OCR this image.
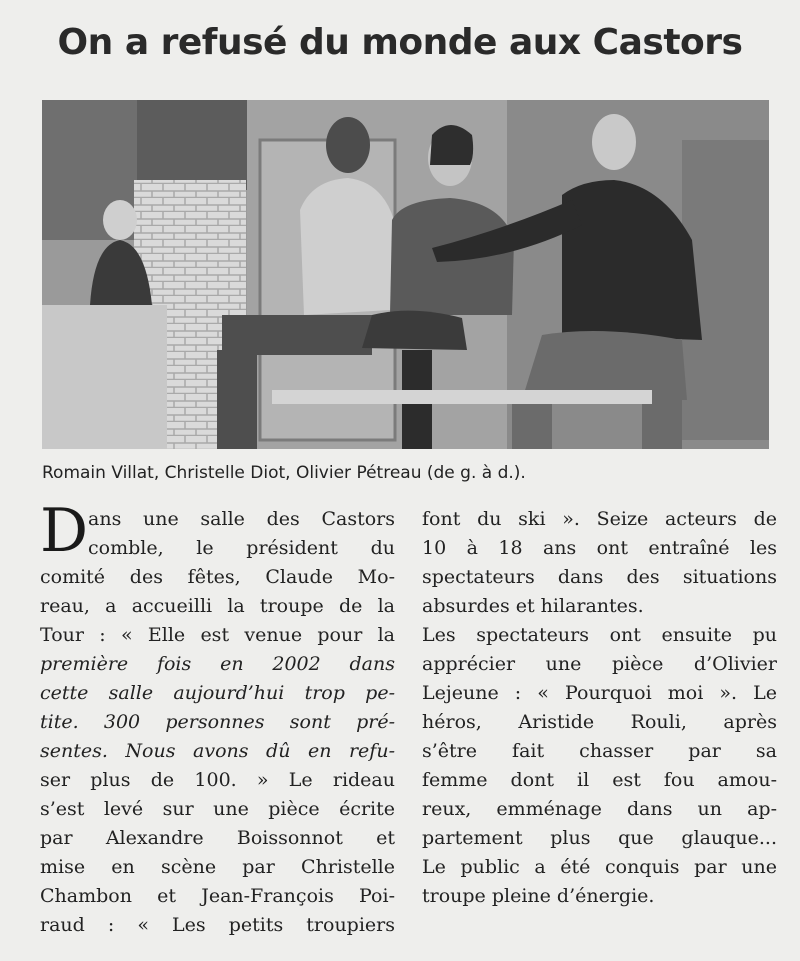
On a refusé du monde aux Castors
Romain Villat, Christelle Diot, Olivier Pétreau (de g. à d.).
D ans une salle des Castors
comble, le président du
comité des fêtes, Claude Mo-
reau, a accueilli la troupe de la
Tour : « Elle est venue pour la
première fois en 2002 dans
cette salle aujourd’hui trop pe-
tite. 300 personnes sont pré-
sentes. Nous avons dû en refu-
ser plus de 100. » Le rideau
s’est levé sur une pièce écrite
par Alexandre Boissonnot et
mise en scène par Christelle
Chambon et Jean-François Poi-
raud : « Les petits troupiers
font du ski ». Seize acteurs de
10 à 18 ans ont entraîné les
spectateurs dans des situations
absurdes et hilarantes.
Les spectateurs ont ensuite pu
apprécier une pièce d’Olivier
Lejeune : « Pourquoi moi ». Le
héros, Aristide Rouli, après
s’être fait chasser par sa
femme dont il est fou amou-
reux, emménage dans un ap-
partement plus que glauque...
Le public a été conquis par une
troupe pleine d’énergie.
